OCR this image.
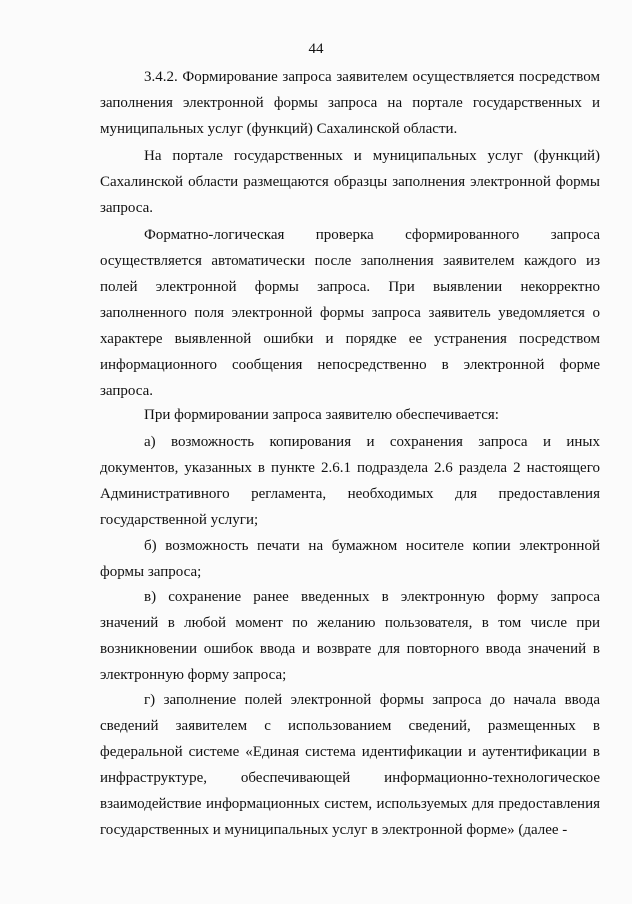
44

3.4.2. Формирование запроса заявителем осуществляется посредством заполнения электронной формы запроса на портале государственных и муниципальных услуг (функций) Сахалинской области.

На портале государственных и муниципальных услуг (функций) Сахалинской области размещаются образцы заполнения электронной формы запроса.

Форматно-логическая проверка сформированного запроса осуществляется автоматически после заполнения заявителем каждого из полей электронной формы запроса. При выявлении некорректно заполненного поля электронной формы запроса заявитель уведомляется о характере выявленной ошибки и порядке ее устранения посредством информационного сообщения непосредственно в электронной форме запроса.

При формировании запроса заявителю обеспечивается:

а) возможность копирования и сохранения запроса и иных документов, указанных в пункте 2.6.1 подраздела 2.6 раздела 2 настоящего Административного регламента, необходимых для предоставления государственной услуги;

б) возможность печати на бумажном носителе копии электронной формы запроса;

в) сохранение ранее введенных в электронную форму запроса значений в любой момент по желанию пользователя, в том числе при возникновении ошибок ввода и возврате для повторного ввода значений в электронную форму запроса;

г) заполнение полей электронной формы запроса до начала ввода сведений заявителем с использованием сведений, размещенных в федеральной системе «Единая система идентификации и аутентификации в инфраструктуре, обеспечивающей информационно-технологическое взаимодействие информационных систем, используемых для предоставления государственных и муниципальных услуг в электронной форме» (далее -
